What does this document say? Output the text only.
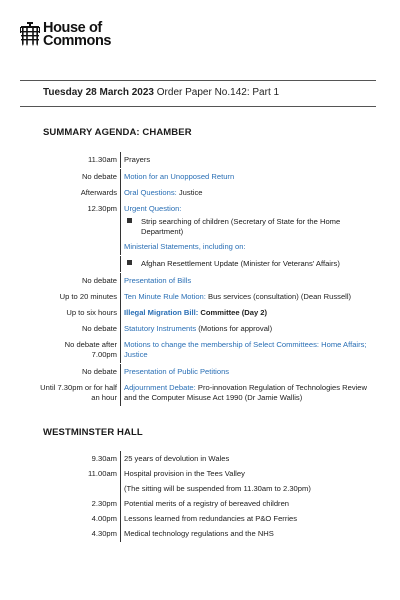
House of
Commons
Tuesday 28 March 2023 Order Paper No.142: Part 1
SUMMARY AGENDA: CHAMBER
11.30am Prayers
No debate Motion for an Unopposed Return
Afterwards Oral Questions: Justice
12.30pm Urgent Question:
Strip searching of children (Secretary of State for the Home Department)
Ministerial Statements, including on:
Afghan Resettlement Update (Minister for Veterans' Affairs)
No debate Presentation of Bills
Up to 20 minutes Ten Minute Rule Motion: Bus services (consultation) (Dean Russell)
Up to six hours Illegal Migration Bill: Committee (Day 2)
No debate Statutory Instruments (Motions for approval)
No debate after 7.00pm
Motions to change the membership of Select Committees: Home Affairs; Justice
No debate Presentation of Public Petitions
Until 7.30pm or for half an hour
Adjournment Debate: Pro-innovation Regulation of Technologies Review and the Computer Misuse Act 1990 (Dr Jamie Wallis)
WESTMINSTER HALL
9.30am 25 years of devolution in Wales
11.00am Hospital provision in the Tees Valley
(The sitting will be suspended from 11.30am to 2.30pm)
2.30pm Potential merits of a registry of bereaved children
4.00pm Lessons learned from redundancies at P&O Ferries
4.30pm Medical technology regulations and the NHS
